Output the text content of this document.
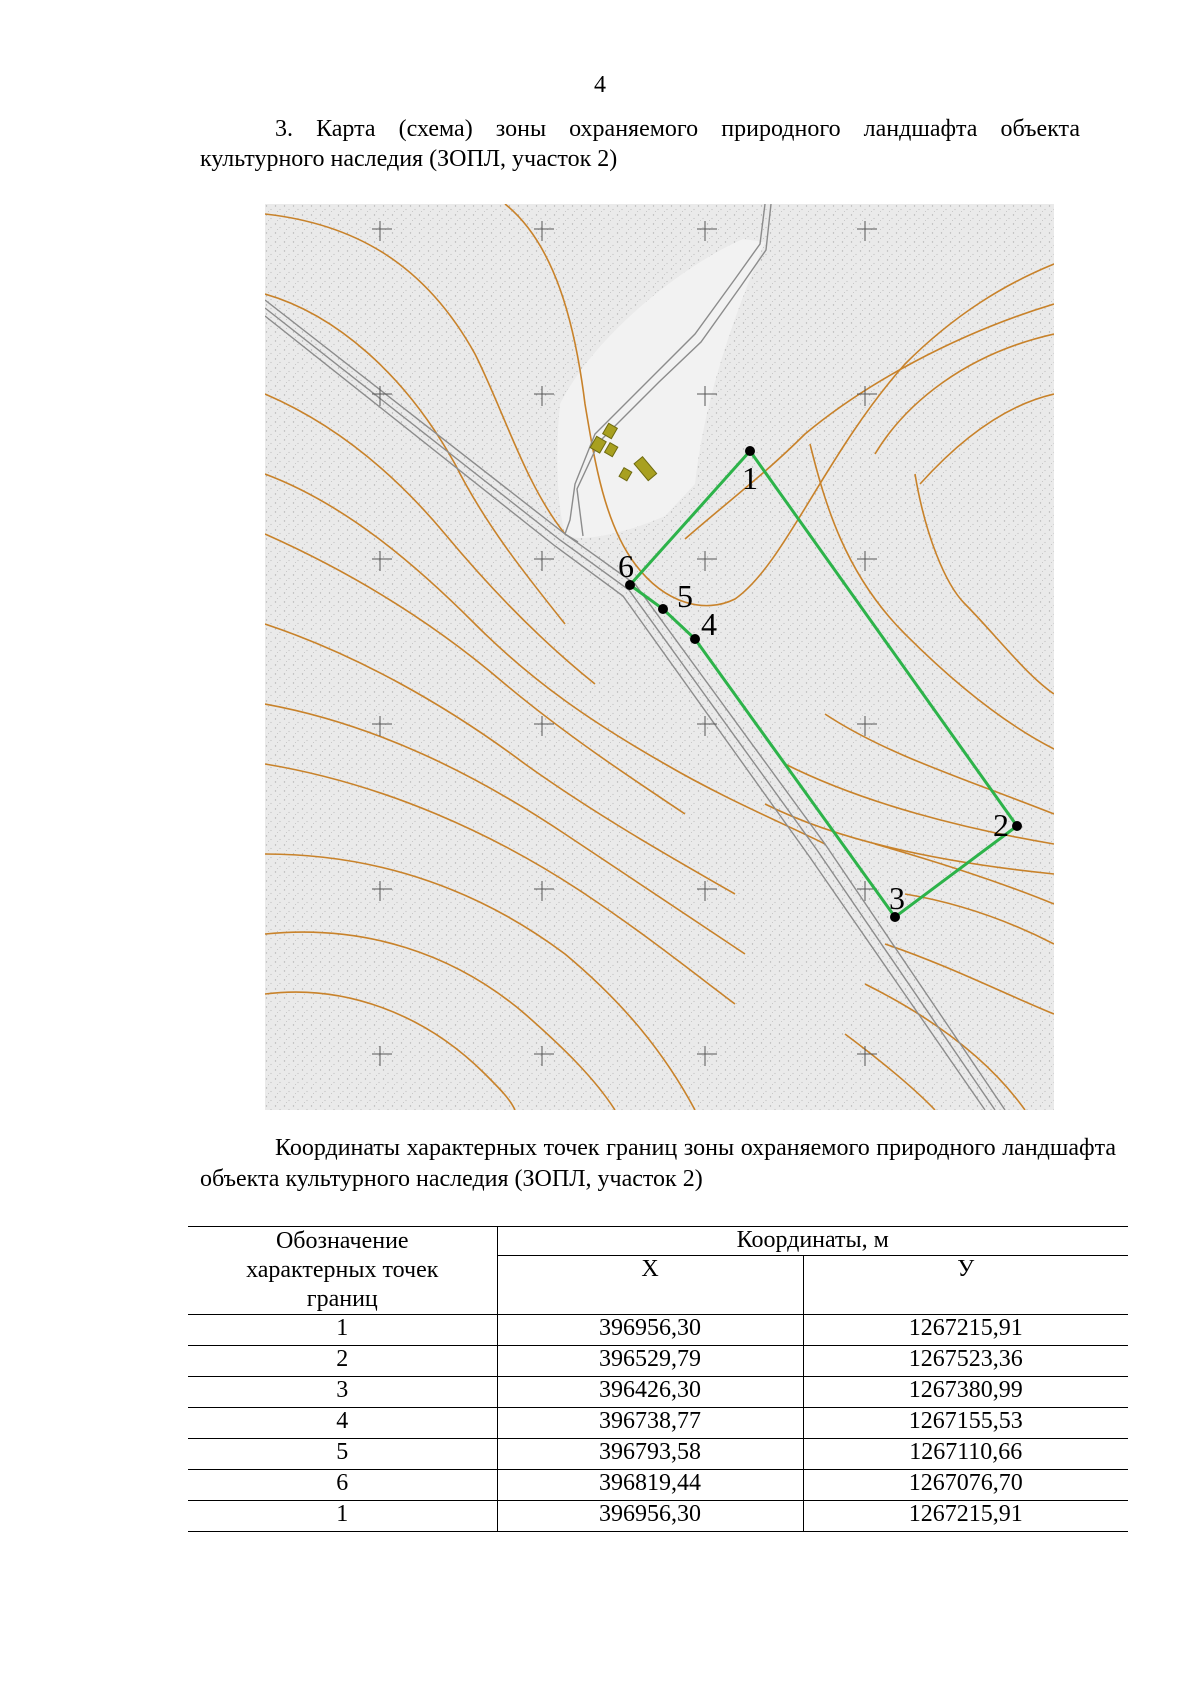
4
3. Карта (схема) зоны охраняемого природного ландшафта объекта культурного наследия (ЗОПЛ, участок 2)
1
2
3
4
5
6
Координаты характерных точек границ зоны охраняемого природного ландшафта объекта культурного наследия (ЗОПЛ, участок 2)
Обозначение характерных точек границ	Координаты, м	
	X	У
1	396956,30	1267215,91
2	396529,79	1267523,36
3	396426,30	1267380,99
4	396738,77	1267155,53
5	396793,58	1267110,66
6	396819,44	1267076,70
1	396956,30	1267215,91
